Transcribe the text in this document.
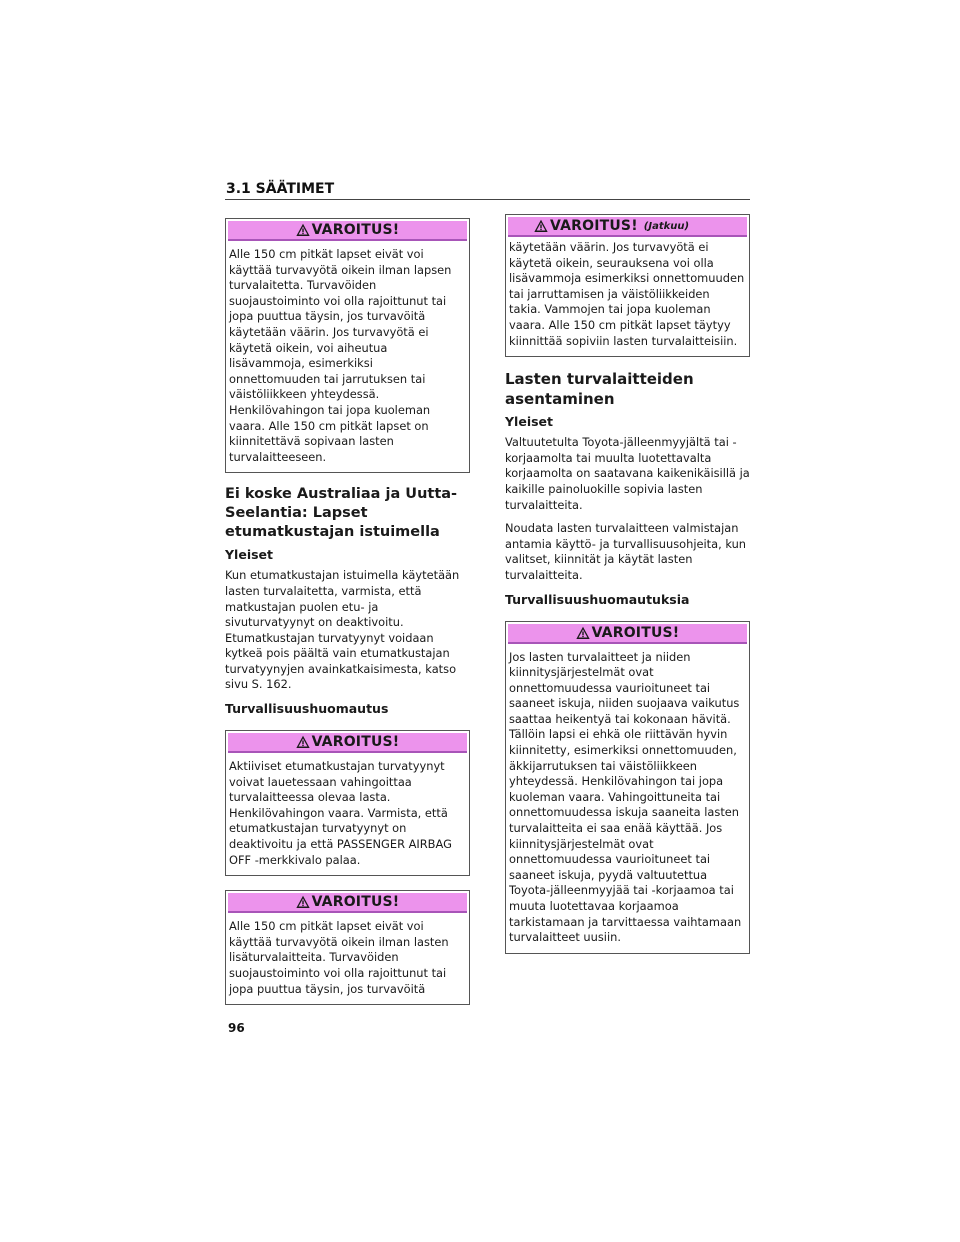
3.1 SÄÄTIMET
VAROITUS!
Alle 150 cm pitkät lapset eivät voi käyttää turvavyötä oikein ilman lapsen turvalaitetta. Turvavöiden suojaustoiminto voi olla rajoittunut tai jopa puuttua täysin, jos turvavöitä käytetään väärin. Jos turvavyötä ei käytetä oikein, voi aiheutua lisävammoja, esimerkiksi onnettomuuden tai jarrutuksen tai väistöliikkeen yhteydessä. Henkilövahingon tai jopa kuoleman vaara. Alle 150 cm pitkät lapset on kiinnitettävä sopivaan lasten turvalaitteeseen.
Ei koske Australiaa ja Uutta-Seelantia: Lapset etumatkustajan istuimella
Yleiset

Kun etumatkustajan istuimella käytetään lasten turvalaitetta, varmista, että matkustajan puolen etu- ja sivuturvatyynyt on deaktivoitu. Etumatkustajan turvatyynyt voidaan kytkeä pois päältä vain etumatkustajan turvatyynyjen avainkatkaisimesta, katso sivu S. 162.

Turvallisuushuomautus
VAROITUS!
Aktiiviset etumatkustajan turvatyynyt voivat lauetessaan vahingoittaa turvalaitteessa olevaa lasta. Henkilövahingon vaara. Varmista, että etumatkustajan turvatyynyt on deaktivoitu ja että PASSENGER AIRBAG OFF -merkkivalo palaa.
VAROITUS!
Alle 150 cm pitkät lapset eivät voi käyttää turvavyötä oikein ilman lasten lisäturvalaitteita. Turvavöiden suojaustoiminto voi olla rajoittunut tai jopa puuttua täysin, jos turvavöitä
VAROITUS! (Jatkuu)
käytetään väärin. Jos turvavyötä ei käytetä oikein, seurauksena voi olla lisävammoja esimerkiksi onnettomuuden tai jarruttamisen ja väistöliikkeiden takia. Vammojen tai jopa kuoleman vaara. Alle 150 cm pitkät lapset täytyy kiinnittää sopiviin lasten turvalaitteisiin.
Lasten turvalaitteiden asentaminen
Yleiset

Valtuutetulta Toyota-jälleenmyyjältä tai -korjaamolta tai muulta luotettavalta korjaamolta on saatavana kaikenikäisillä ja kaikille painoluokille sopivia lasten turvalaitteita.

Noudata lasten turvalaitteen valmistajan antamia käyttö- ja turvallisuusohjeita, kun valitset, kiinnität ja käytät lasten turvalaitteita.

Turvallisuushuomautuksia
VAROITUS!
Jos lasten turvalaitteet ja niiden kiinnitysjärjestelmät ovat onnettomuudessa vaurioituneet tai saaneet iskuja, niiden suojaava vaikutus saattaa heikentyä tai kokonaan hävitä. Tällöin lapsi ei ehkä ole riittävän hyvin kiinnitetty, esimerkiksi onnettomuuden, äkkijarrutuksen tai väistöliikkeen yhteydessä. Henkilövahingon tai jopa kuoleman vaara. Vahingoittuneita tai onnettomuudessa iskuja saaneita lasten turvalaitteita ei saa enää käyttää. Jos kiinnitysjärjestelmät ovat onnettomuudessa vaurioituneet tai saaneet iskuja, pyydä valtuutettua Toyota-jälleenmyyjää tai -korjaamoa tai muuta luotettavaa korjaamoa tarkistamaan ja tarvittaessa vaihtamaan turvalaitteet uusiin.
96
